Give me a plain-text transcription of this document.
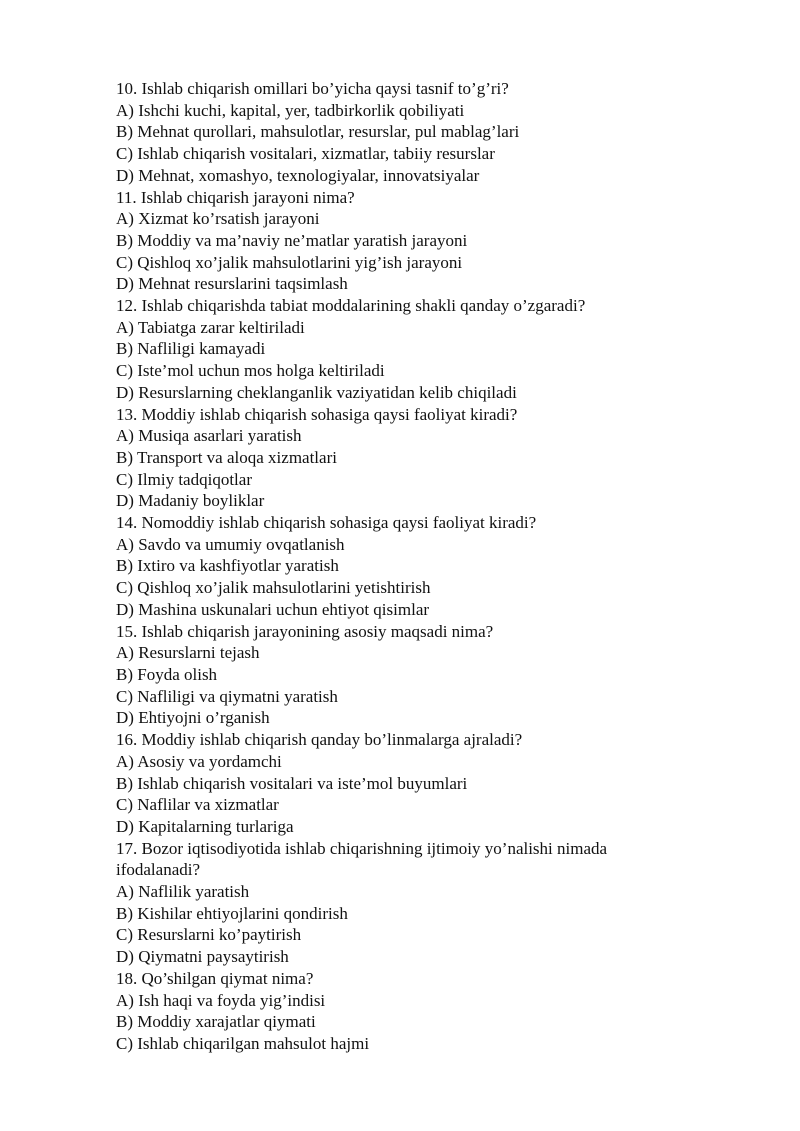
10. Ishlab chiqarish omillari bo’yicha qaysi tasnif to’g’ri?
A) Ishchi kuchi, kapital, yer, tadbirkorlik qobiliyati
B) Mehnat qurollari, mahsulotlar, resurslar, pul mablag’lari
C) Ishlab chiqarish vositalari, xizmatlar, tabiiy resurslar
D) Mehnat, xomashyo, texnologiyalar, innovatsiyalar
11. Ishlab chiqarish jarayoni nima?
A) Xizmat ko’rsatish jarayoni
B) Moddiy va ma’naviy ne’matlar yaratish jarayoni
C) Qishloq xo’jalik mahsulotlarini yig’ish jarayoni
D) Mehnat resurslarini taqsimlash
12. Ishlab chiqarishda tabiat moddalarining shakli qanday o’zgaradi?
A) Tabiatga zarar keltiriladi
B) Nafliligi kamayadi
C) Iste’mol uchun mos holga keltiriladi
D) Resurslarning cheklanganlik vaziyatidan kelib chiqiladi
13. Moddiy ishlab chiqarish sohasiga qaysi faoliyat kiradi?
A) Musiqa asarlari yaratish
B) Transport va aloqa xizmatlari
C) Ilmiy tadqiqotlar
D) Madaniy boyliklar
14. Nomoddiy ishlab chiqarish sohasiga qaysi faoliyat kiradi?
A) Savdo va umumiy ovqatlanish
B) Ixtiro va kashfiyotlar yaratish
C) Qishloq xo’jalik mahsulotlarini yetishtirish
D) Mashina uskunalari uchun ehtiyot qisimlar
15. Ishlab chiqarish jarayonining asosiy maqsadi nima?
A) Resurslarni tejash
B) Foyda olish
C) Nafliligi va qiymatni yaratish
D) Ehtiyojni o’rganish
16. Moddiy ishlab chiqarish qanday bo’linmalarga ajraladi?
A) Asosiy va yordamchi
B) Ishlab chiqarish vositalari va iste’mol buyumlari
C) Naflilar va xizmatlar
D) Kapitalarning turlariga
17. Bozor iqtisodiyotida ishlab chiqarishning ijtimoiy yo’nalishi nimada ifodalanadi?
A) Naflilik yaratish
B) Kishilar ehtiyojlarini qondirish
C) Resurslarni ko’paytirish
D) Qiymatni paysaytirish
18. Qo’shilgan qiymat nima?
A) Ish haqi va foyda yig’indisi
B) Moddiy xarajatlar qiymati
C) Ishlab chiqarilgan mahsulot hajmi
